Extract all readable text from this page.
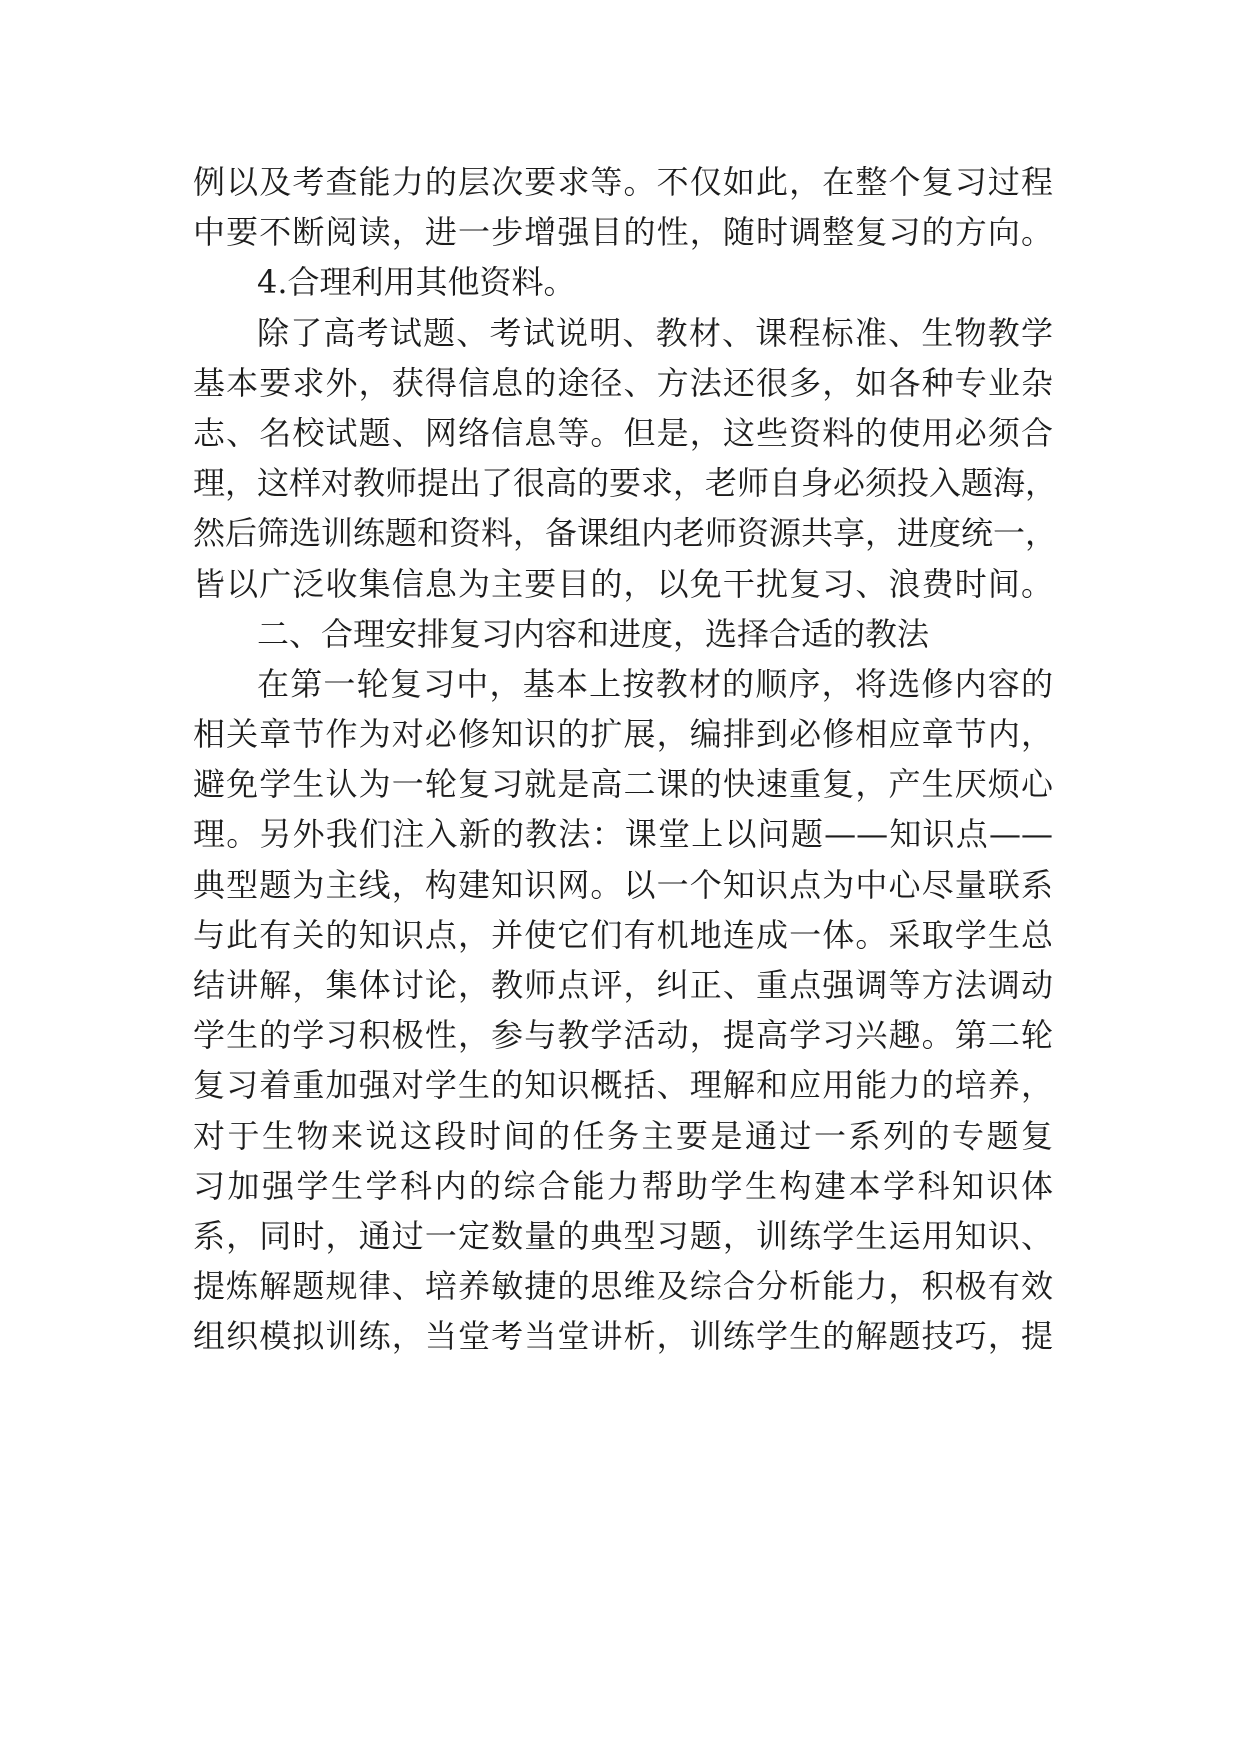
例以及考查能力的层次要求等。不仅如此，在整个复习过程
中要不断阅读，进一步增强目的性，随时调整复习的方向。
4.合理利用其他资料。
除了高考试题、考试说明、教材、课程标准、生物教学
基本要求外，获得信息的途径、方法还很多，如各种专业杂
志、名校试题、网络信息等。但是，这些资料的使用必须合
理，这样对教师提出了很高的要求，老师自身必须投入题海，
然后筛选训练题和资料，备课组内老师资源共享，进度统一，
皆以广泛收集信息为主要目的，以免干扰复习、浪费时间。
二、合理安排复习内容和进度，选择合适的教法
在第一轮复习中，基本上按教材的顺序，将选修内容的
相关章节作为对必修知识的扩展，编排到必修相应章节内，
避免学生认为一轮复习就是高二课的快速重复，产生厌烦心
理。另外我们注入新的教法：课堂上以问题——知识点——
典型题为主线，构建知识网。以一个知识点为中心尽量联系
与此有关的知识点，并使它们有机地连成一体。采取学生总
结讲解，集体讨论，教师点评，纠正、重点强调等方法调动
学生的学习积极性，参与教学活动，提高学习兴趣。第二轮
复习着重加强对学生的知识概括、理解和应用能力的培养，
对于生物来说这段时间的任务主要是通过一系列的专题复
习加强学生学科内的综合能力帮助学生构建本学科知识体
系，同时，通过一定数量的典型习题，训练学生运用知识、
提炼解题规律、培养敏捷的思维及综合分析能力，积极有效
组织模拟训练，当堂考当堂讲析，训练学生的解题技巧，提
